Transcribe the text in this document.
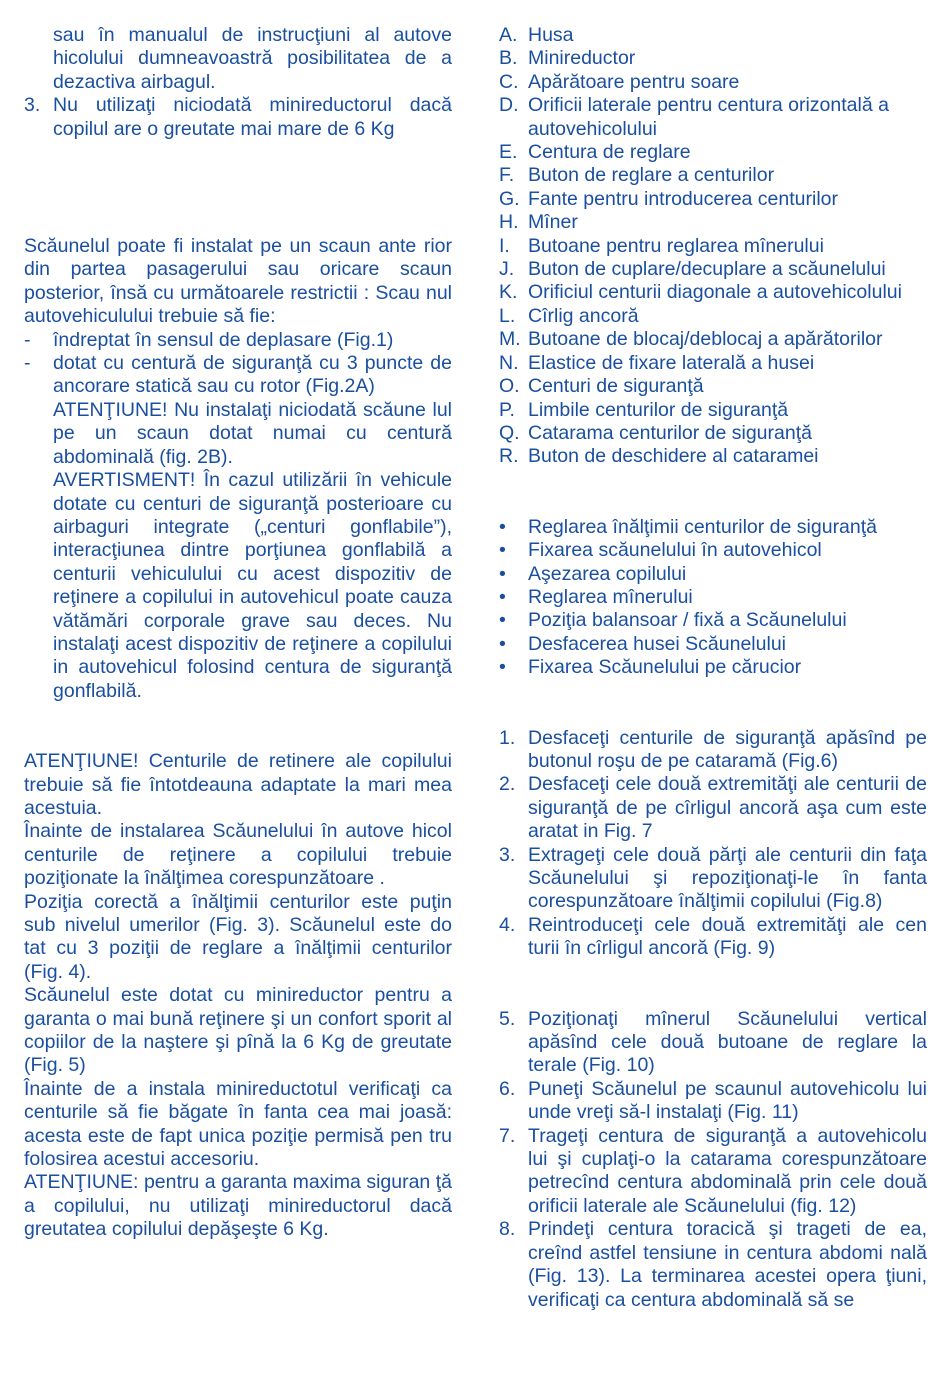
sau în manualul de instrucţiuni al autove hicolului dumneavoastră posibilitatea de a dezactiva airbagul.
3. Nu utilizaţi niciodată minireductorul dacă copilul are o greutate mai mare de 6 Kg
Scăunelul poate fi instalat pe un scaun ante rior din partea pasagerului sau oricare scaun posterior, însă cu următoarele restrictii : Scau nul autovehiculului trebuie să fie:
- îndreptat în sensul de deplasare (Fig.1)
- dotat cu centură de siguranţă cu 3 puncte de ancorare statică sau cu rotor (Fig.2A)
ATENŢIUNE! Nu instalaţi niciodată scăune lul pe un scaun dotat numai cu centură abdominală (fig. 2B).
AVERTISMENT! În cazul utilizării în vehicule dotate cu centuri de siguranţă posterioare cu airbaguri integrate („centuri gonflabile”), interacţiunea dintre porţiunea gonflabilă a centurii vehiculului cu acest dispozitiv de reţinere a copilului in autovehicul poate cauza vătămări corporale grave sau deces. Nu instalaţi acest dispozitiv de reţinere a copilului in autovehicul folosind centura de siguranţă gonflabilă.
ATENŢIUNE! Centurile de retinere ale copilului trebuie să fie întotdeauna adaptate la mari mea acestuia.
Înainte de instalarea Scăunelului în autove hicol centurile de reţinere a copilului trebuie poziţionate la înălţimea corespunzătoare .
Poziţia corectă a înălţimii centurilor este puţin sub nivelul umerilor (Fig. 3). Scăunelul este do tat cu 3 poziţii de reglare a înălţimii centurilor (Fig. 4).
Scăunelul este dotat cu minireductor pentru a garanta o mai bună reţinere şi un confort sporit al copiilor de la naştere şi pînă la 6 Kg de greutate (Fig. 5)
Înainte de a instala minireductotul verificaţi ca centurile să fie băgate în fanta cea mai joasă: acesta este de fapt unica poziţie permisă pen tru folosirea acestui accesoriu.
ATENŢIUNE: pentru a garanta maxima siguran ţă a copilului, nu utilizaţi minireductorul dacă greutatea copilului depăşeşte 6 Kg.
A. Husa
B. Minireductor
C. Apărătoare pentru soare
D. Orificii laterale pentru centura orizontală a autovehicolului
E. Centura de reglare
F. Buton de reglare a centurilor
G. Fante pentru introducerea centurilor
H. Mîner
I. Butoane pentru reglarea mînerului
J. Buton de cuplare/decuplare a scăunelului
K. Orificiul centurii diagonale a autovehicolului
L. Cîrlig ancoră
M. Butoane de blocaj/deblocaj a apărătorilor
N. Elastice de fixare laterală a husei
O. Centuri de siguranţă
P. Limbile centurilor de siguranţă
Q. Catarama centurilor de siguranţă
R. Buton de deschidere al cataramei
• Reglarea înălţimii centurilor de siguranţă
• Fixarea scăunelului în autovehicol
• Aşezarea copilului
• Reglarea mînerului
• Poziţia balansoar / fixă a Scăunelului
• Desfacerea husei Scăunelului
• Fixarea Scăunelului pe cărucior
1. Desfaceţi centurile de siguranţă apăsînd pe butonul roşu de pe cataramă (Fig.6)
2. Desfaceţi cele două extremităţi ale centurii de siguranţă de pe cîrligul ancoră aşa cum este aratat in Fig. 7
3. Extrageţi cele două părţi ale centurii din faţa Scăunelului şi repoziţionaţi-le în fanta corespunzătoare înălţimii copilului (Fig.8)
4. Reintroduceţi cele două extremităţi ale cen turii în cîrligul ancoră (Fig. 9)
5. Poziţionaţi mînerul Scăunelului vertical apăsînd cele două butoane de reglare la terale (Fig. 10)
6. Puneţi Scăunelul pe scaunul autovehicolu lui unde vreţi să-l instalaţi (Fig. 11)
7. Trageţi centura de siguranţă a autovehicolu lui şi cuplaţi-o la catarama corespunzătoare petrecînd centura abdominală prin cele două orificii laterale ale Scăunelului (fig. 12)
8. Prindeţi centura toracică şi trageti de ea, creînd astfel tensiune in centura abdomi nală (Fig. 13). La terminarea acestei opera ţiuni, verificaţi ca centura abdominală să se
